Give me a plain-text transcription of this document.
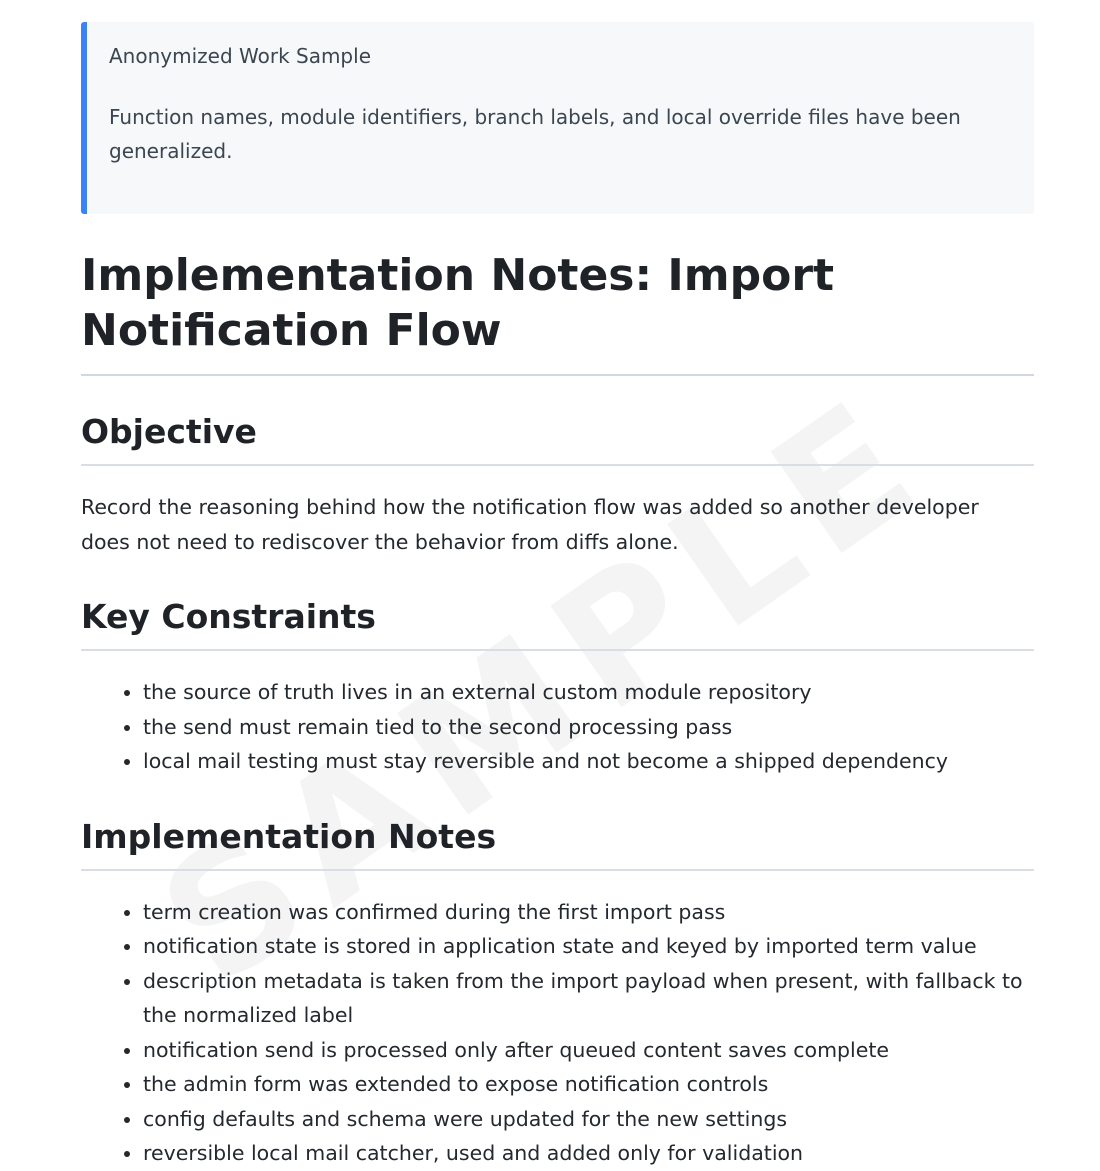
Anonymized Work Sample

Function names, module identifiers, branch labels, and local override files have been generalized.

Implementation Notes: Import Notification Flow
Objective

Record the reasoning behind how the notification flow was added so another developer does not need to rediscover the behavior from diffs alone.

Key Constraints
• the source of truth lives in an external custom module repository
• the send must remain tied to the second processing pass
• local mail testing must stay reversible and not become a shipped dependency
Implementation Notes
• term creation was confirmed during the first import pass
• notification state is stored in application state and keyed by imported term value
• description metadata is taken from the import payload when present, with fallback to the normalized label
• notification send is processed only after queued content saves complete
• the admin form was extended to expose notification controls
• config defaults and schema were updated for the new settings
• reversible local mail catcher, used and added only for validation
